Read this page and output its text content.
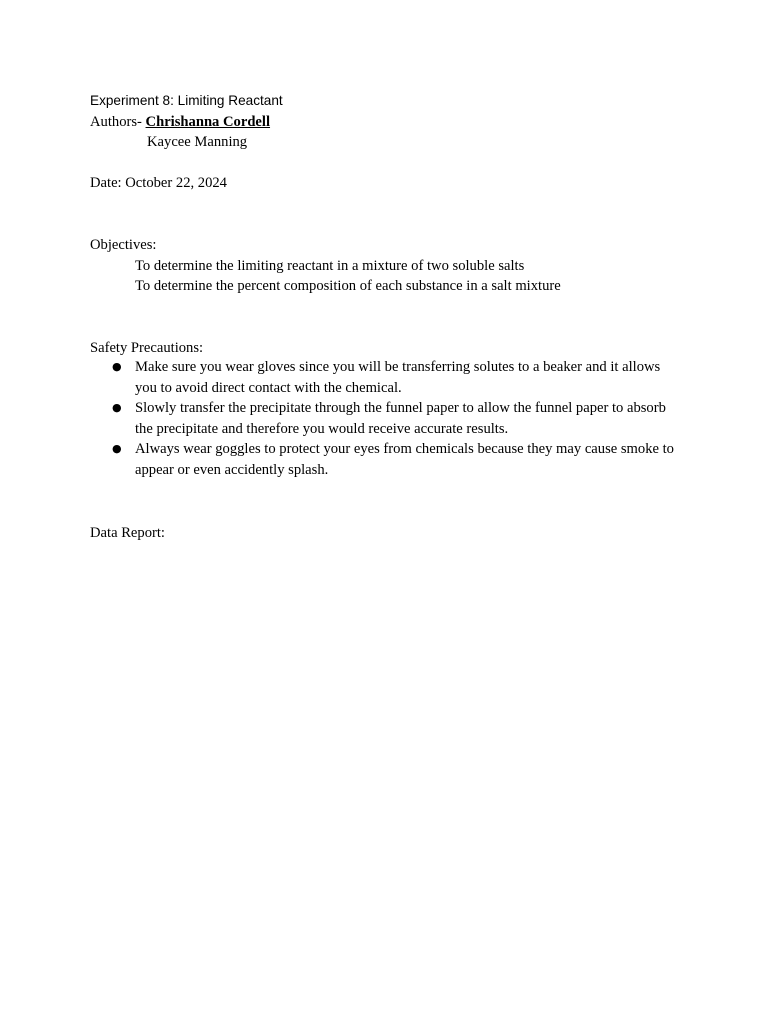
Experiment 8: Limiting Reactant
Authors- Chrishanna Cordell
Kaycee Manning
Date: October 22, 2024
Objectives:
To determine the limiting reactant in a mixture of two soluble salts
To determine the percent composition of each substance in a salt mixture
Safety Precautions:
● Make sure you wear gloves since you will be transferring solutes to a beaker and it allows you to avoid direct contact with the chemical.
● Slowly transfer the precipitate through the funnel paper to allow the funnel paper to absorb the precipitate and therefore you would receive accurate results.
● Always wear goggles to protect your eyes from chemicals because they may cause smoke to appear or even accidently splash.
Data Report:
